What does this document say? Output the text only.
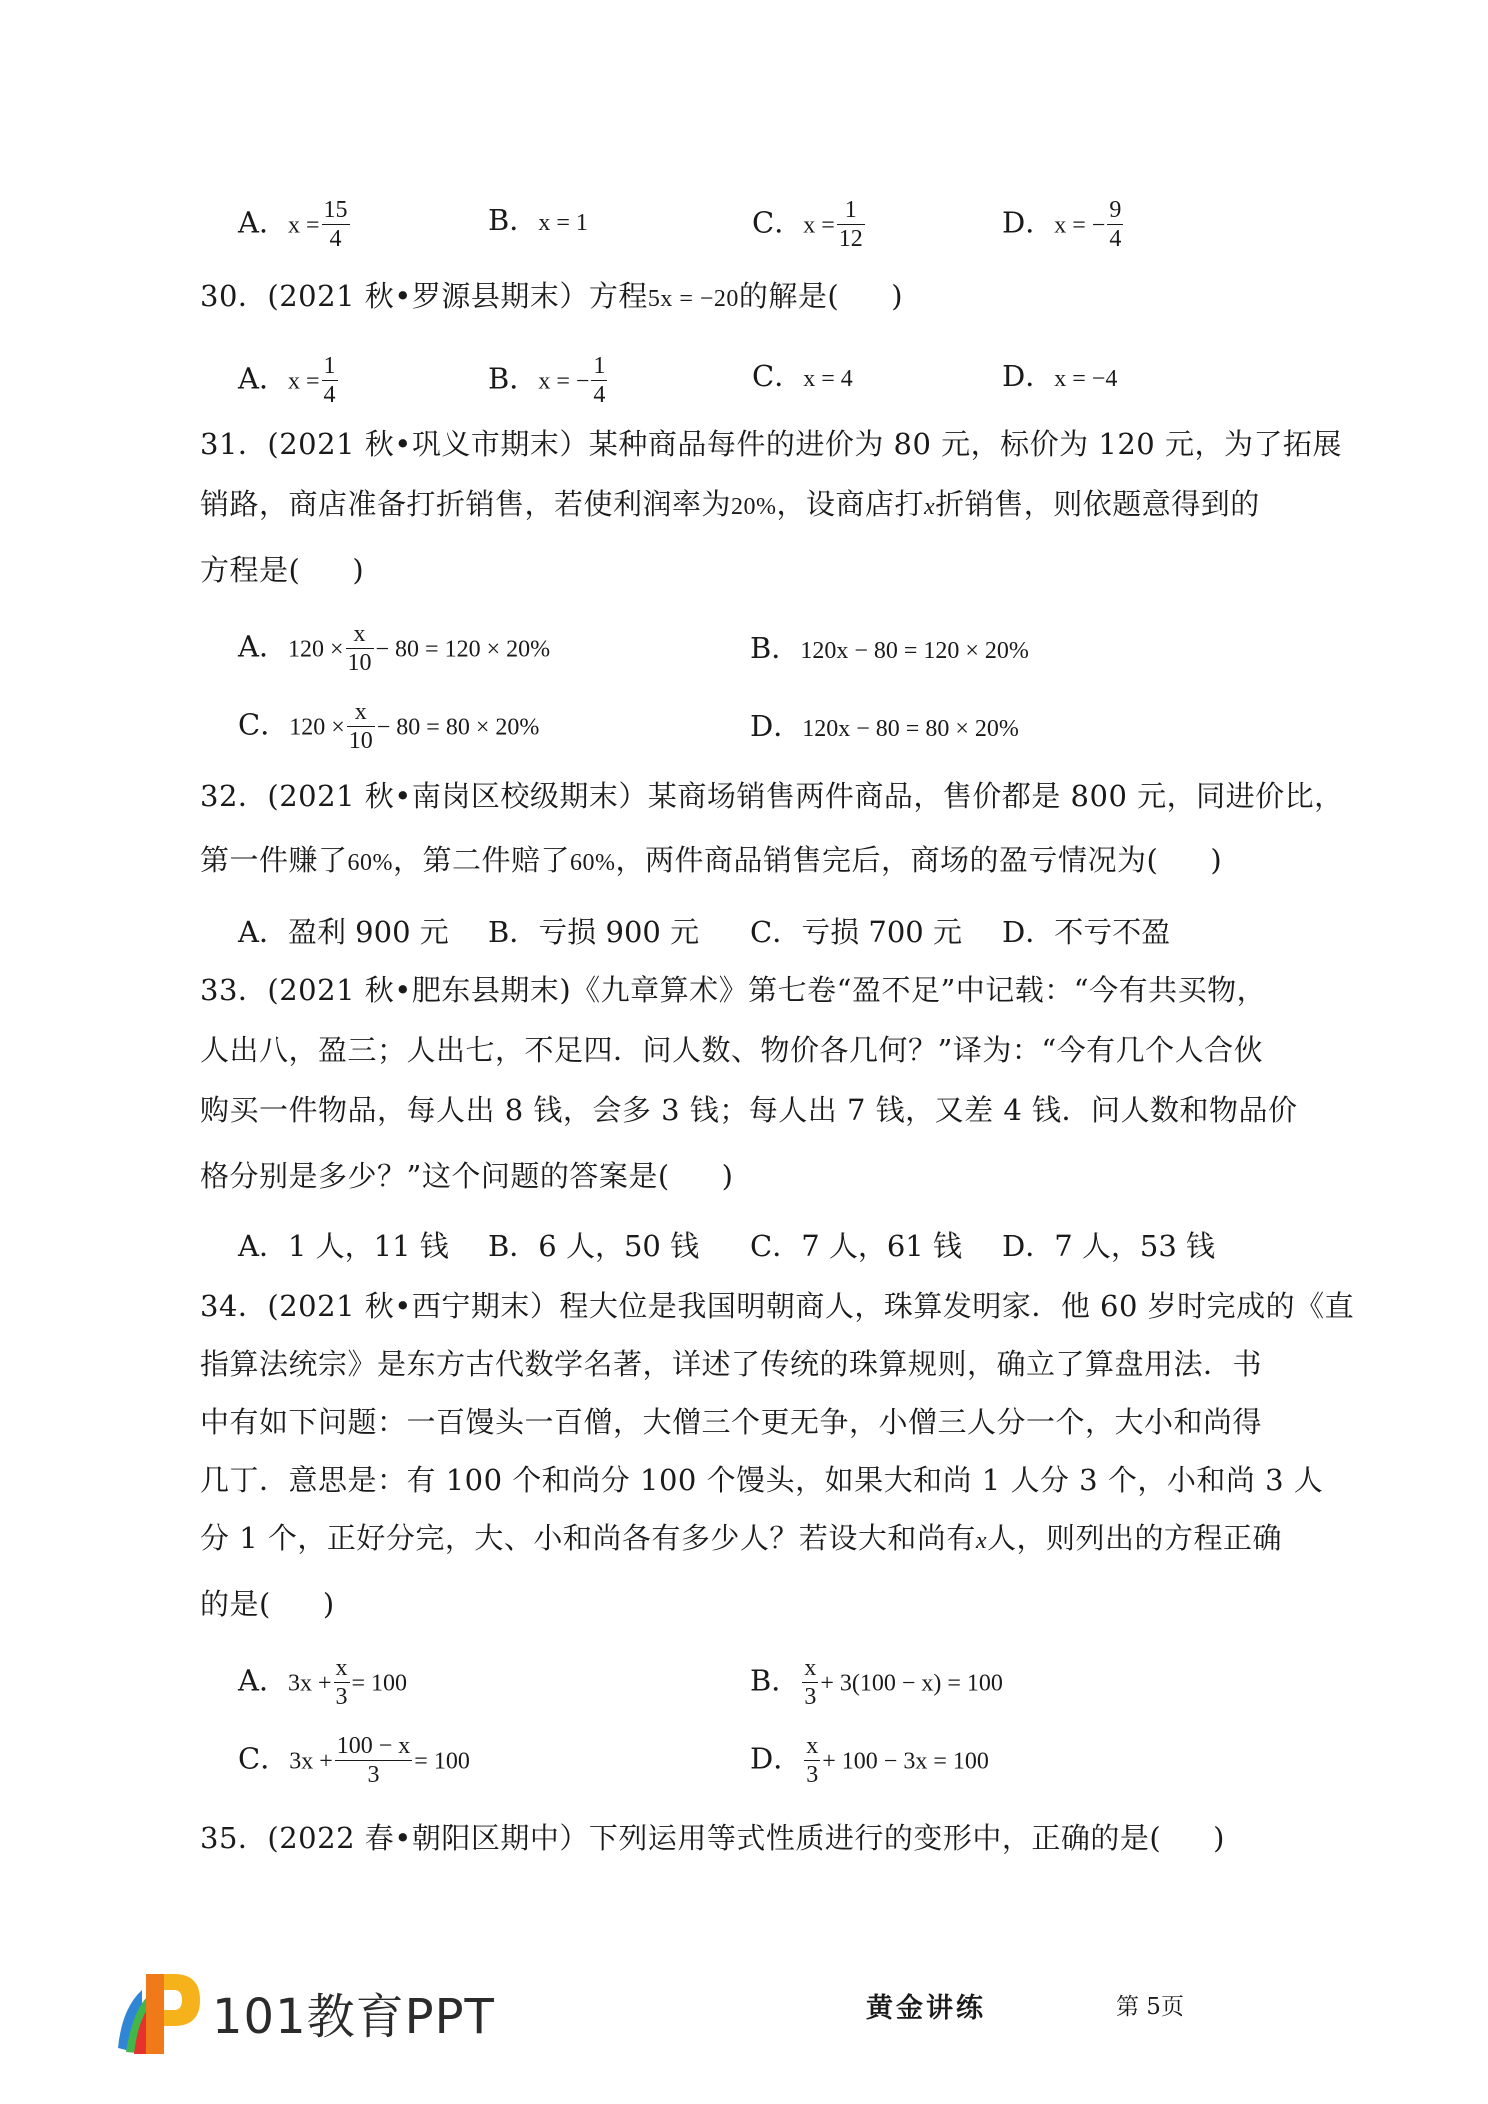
A．$x = \frac{15}{4}$	B．x = 1	C．$x = \frac{1}{12}$	D．x = − $\frac{9}{4}$
30．(2021 秋•罗源县期末）方程5x = −20的解是( )
A．$x = \frac{1}{4}$	B．x = − $\frac{1}{4}$	C．x = 4	D．x = −4
31．(2021 秋•巩义市期末）某种商品每件的进价为 80 元，标价为 120 元，为了拓展
销路，商店准备打折销售，若使利润率为20%，设商店打x折销售，则依题意得到的
方程是( )
A．$120 \times \frac{x}{10} - 80 = 120 \times 20\%$	B．120x − 80 = 120 × 20%
C．$120 \times \frac{x}{10} - 80 = 80 \times 20\%$	D．120x − 80 = 80 × 20%
32．(2021 秋•南岗区校级期末）某商场销售两件商品，售价都是 800 元，同进价比，
第一件赚了60%，第二件赔了60%，两件商品销售完后，商场的盈亏情况为( )
A．盈利 900 元 B．亏损 900 元 C．亏损 700 元 D．不亏不盈
33．(2021 秋•肥东县期末)《九章算术》第七卷“盈不足”中记载：“今有共买物，
人出八，盈三；人出七，不足四．问人数、物价各几何？”译为：“今有几个人合伙
购买一件物品，每人出 8 钱，会多 3 钱；每人出 7 钱，又差 4 钱．问人数和物品价
格分别是多少？”这个问题的答案是( )
A．1 人，11 钱 B．6 人，50 钱 C．7 人，61 钱 D．7 人，53 钱
34．(2021 秋•西宁期末）程大位是我国明朝商人，珠算发明家．他 60 岁时完成的《直
指算法统宗》是东方古代数学名著，详述了传统的珠算规则，确立了算盘用法．书
中有如下问题：一百馒头一百僧，大僧三个更无争，小僧三人分一个，大小和尚得
几丁．意思是：有 100 个和尚分 100 个馒头，如果大和尚 1 人分 3 个，小和尚 3 人
分 1 个，正好分完，大、小和尚各有多少人？若设大和尚有x人，则列出的方程正确
的是( )
A．$3x + \frac{x}{3} = 100$	B． $\frac{x}{3} + 3(100 - x) = 100$
C．$3x + \frac{100 - x}{3} = 100$	D． $\frac{x}{3} + 100 - 3x = 100$
35．(2022 春•朝阳区期中）下列运用等式性质进行的变形中，正确的是( )
101教育PPT	黄金讲练	第 5页
